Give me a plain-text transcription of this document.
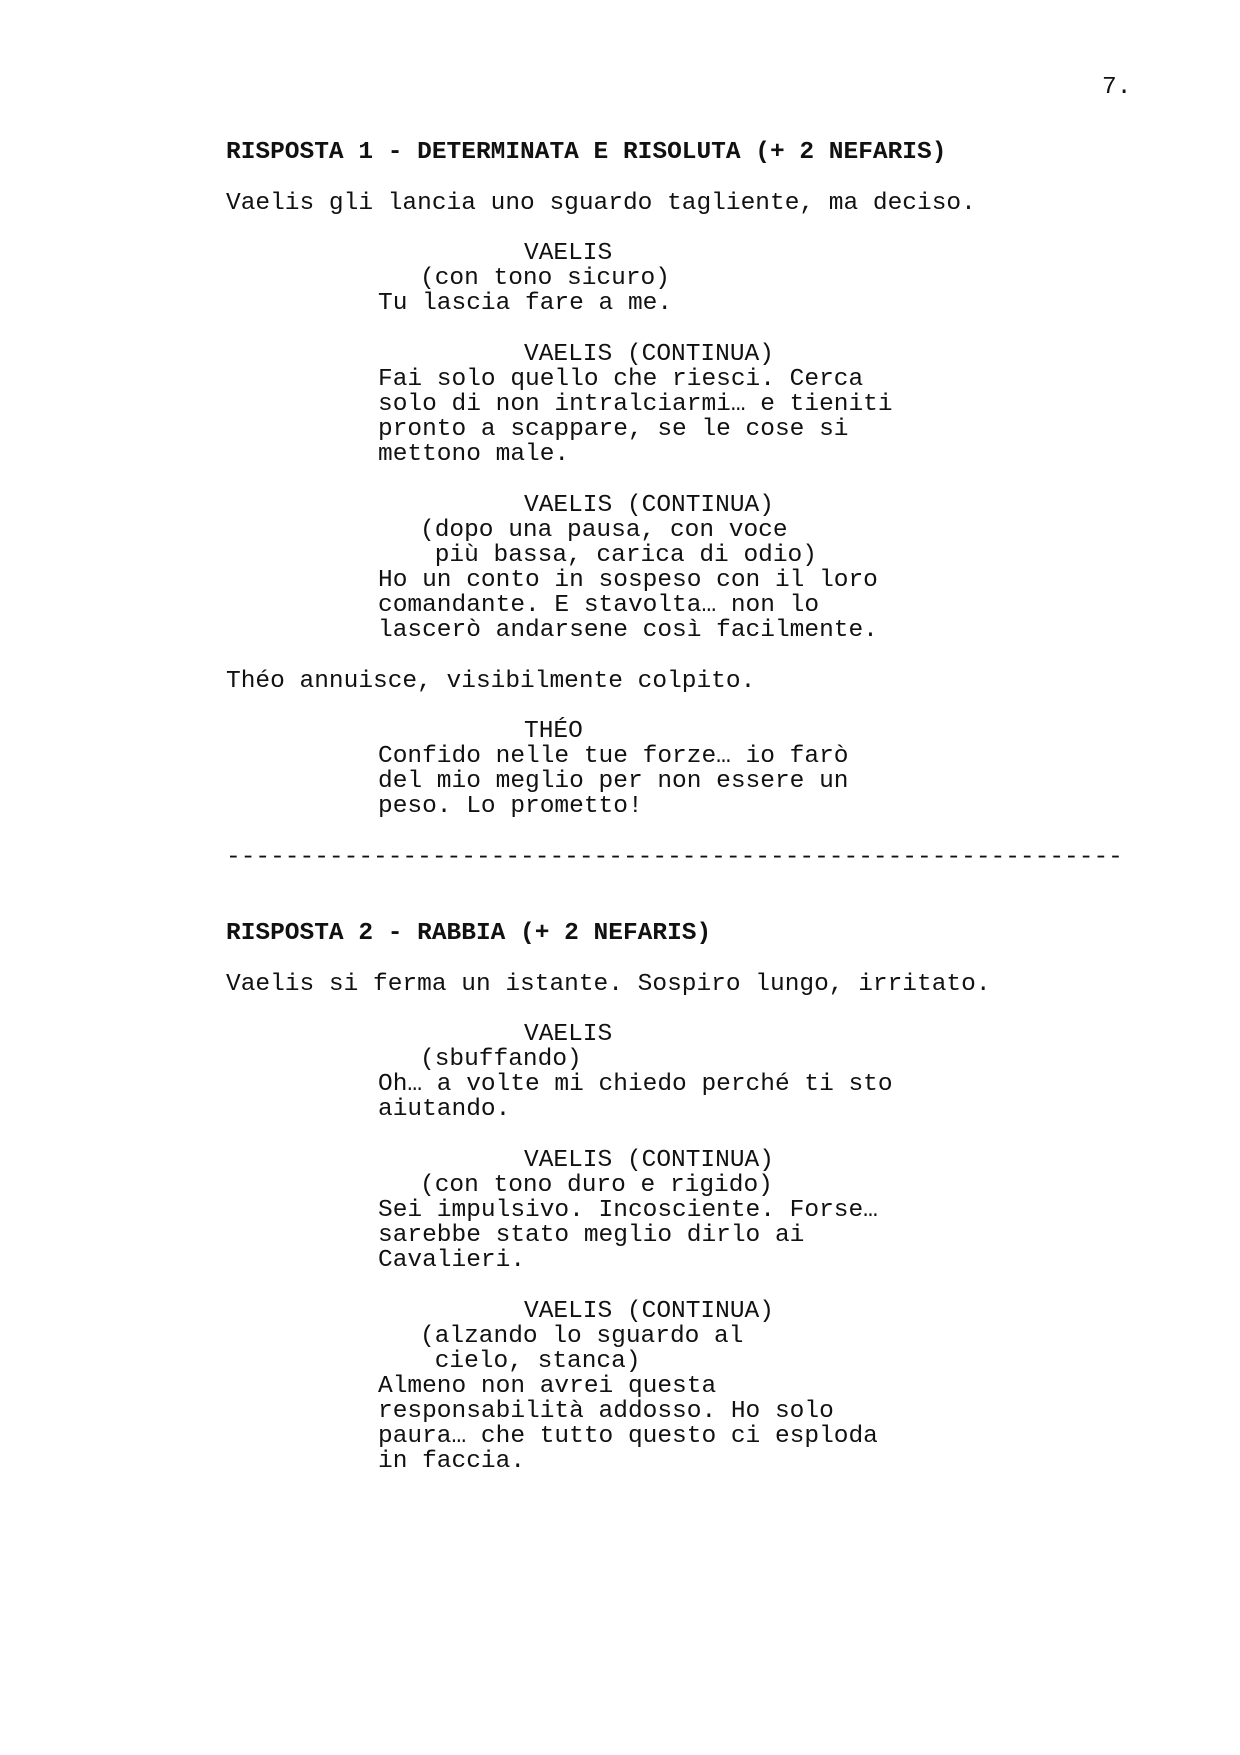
7.
RISPOSTA 1 - DETERMINATA E RISOLUTA (+ 2 NEFARIS)
Vaelis gli lancia uno sguardo tagliente, ma deciso.
VAELIS
(con tono sicuro)
Tu lascia fare a me.
VAELIS (CONTINUA)
Fai solo quello che riesci. Cerca
solo di non intralciarmi… e tieniti
pronto a scappare, se le cose si
mettono male.
VAELIS (CONTINUA)
(dopo una pausa, con voce
più bassa, carica di odio)
Ho un conto in sospeso con il loro
comandante. E stavolta… non lo
lascerò andarsene così facilmente.
Théo annuisce, visibilmente colpito.
THÉO
Confido nelle tue forze… io farò
del mio meglio per non essere un
peso. Lo prometto!
-------------------------------------------------------------
RISPOSTA 2 - RABBIA (+ 2 NEFARIS)
Vaelis si ferma un istante. Sospiro lungo, irritato.
VAELIS
(sbuffando)
Oh… a volte mi chiedo perché ti sto
aiutando.
VAELIS (CONTINUA)
(con tono duro e rigido)
Sei impulsivo. Incosciente. Forse…
sarebbe stato meglio dirlo ai
Cavalieri.
VAELIS (CONTINUA)
(alzando lo sguardo al
cielo, stanca)
Almeno non avrei questa
responsabilità addosso. Ho solo
paura… che tutto questo ci esploda
in faccia.
